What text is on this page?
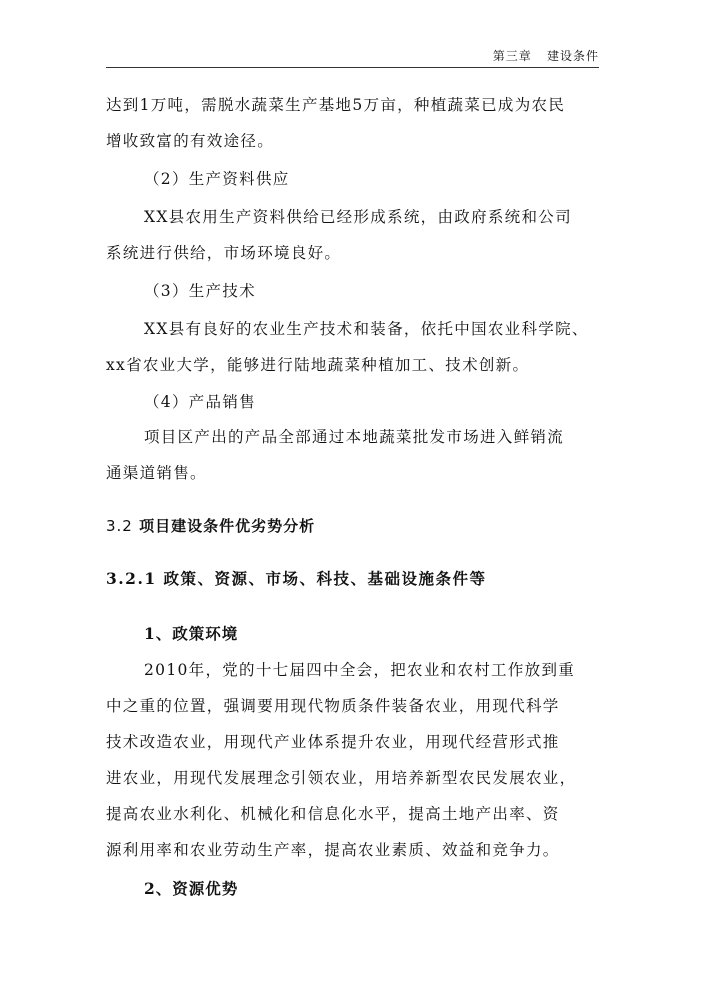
第三章 建设条件
达到1万吨，需脱水蔬菜生产基地5万亩，种植蔬菜已成为农民
增收致富的有效途径。
（2）生产资料供应
XX县农用生产资料供给已经形成系统，由政府系统和公司
系统进行供给，市场环境良好。
（3）生产技术
XX县有良好的农业生产技术和装备，依托中国农业科学院、
xx省农业大学，能够进行陆地蔬菜种植加工、技术创新。
（4）产品销售
项目区产出的产品全部通过本地蔬菜批发市场进入鲜销流
通渠道销售。
3.2 项目建设条件优劣势分析
3.2.1 政策、资源、市场、科技、基础设施条件等
1、政策环境
2010年，党的十七届四中全会，把农业和农村工作放到重
中之重的位置，强调要用现代物质条件装备农业，用现代科学
技术改造农业，用现代产业体系提升农业，用现代经营形式推
进农业，用现代发展理念引领农业，用培养新型农民发展农业，
提高农业水利化、机械化和信息化水平，提高土地产出率、资
源利用率和农业劳动生产率，提高农业素质、效益和竞争力。
2、资源优势
